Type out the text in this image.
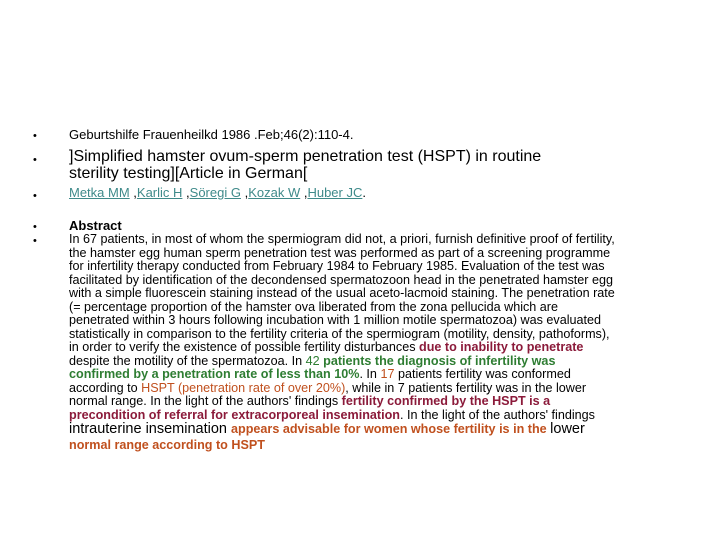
•
•
•
•
•
Geburtshilfe Frauenheilkd 1986 .Feb;46(2):110-4.
]Simplified hamster ovum-sperm penetration test (HSPT) in routine
sterility testing][Article in German[
Metka MM ,Karlic H ,Söregi G ,Kozak W ,Huber JC.
Abstract
In 67 patients, in most of whom the spermiogram did not, a priori, furnish definitive proof of fertility,
the hamster egg human sperm penetration test was performed as part of a screening programme
for infertility therapy conducted from February 1984 to February 1985. Evaluation of the test was
facilitated by identification of the decondensed spermatozoon head in the penetrated hamster egg
with a simple fluorescein staining instead of the usual aceto-lacmoid staining. The penetration rate
(= percentage proportion of the hamster ova liberated from the zona pellucida which are
penetrated within 3 hours following incubation with 1 million motile spermatozoa) was evaluated
statistically in comparison to the fertility criteria of the spermiogram (motility, density, pathoforms),
in order to verify the existence of possible fertility disturbances due to inability to penetrate
despite the motility of the spermatozoa. In 42 patients the diagnosis of infertility was
confirmed by a penetration rate of less than 10%. In 17 patients fertility was conformed
according to HSPT (penetration rate of over 20%), while in 7 patients fertility was in the lower
normal range. In the light of the authors' findings fertility confirmed by the HSPT is a
precondition of referral for extracorporeal insemination. In the light of the authors' findings
intrauterine insemination appears advisable for women whose fertility is in the lower
normal range according to HSPT
